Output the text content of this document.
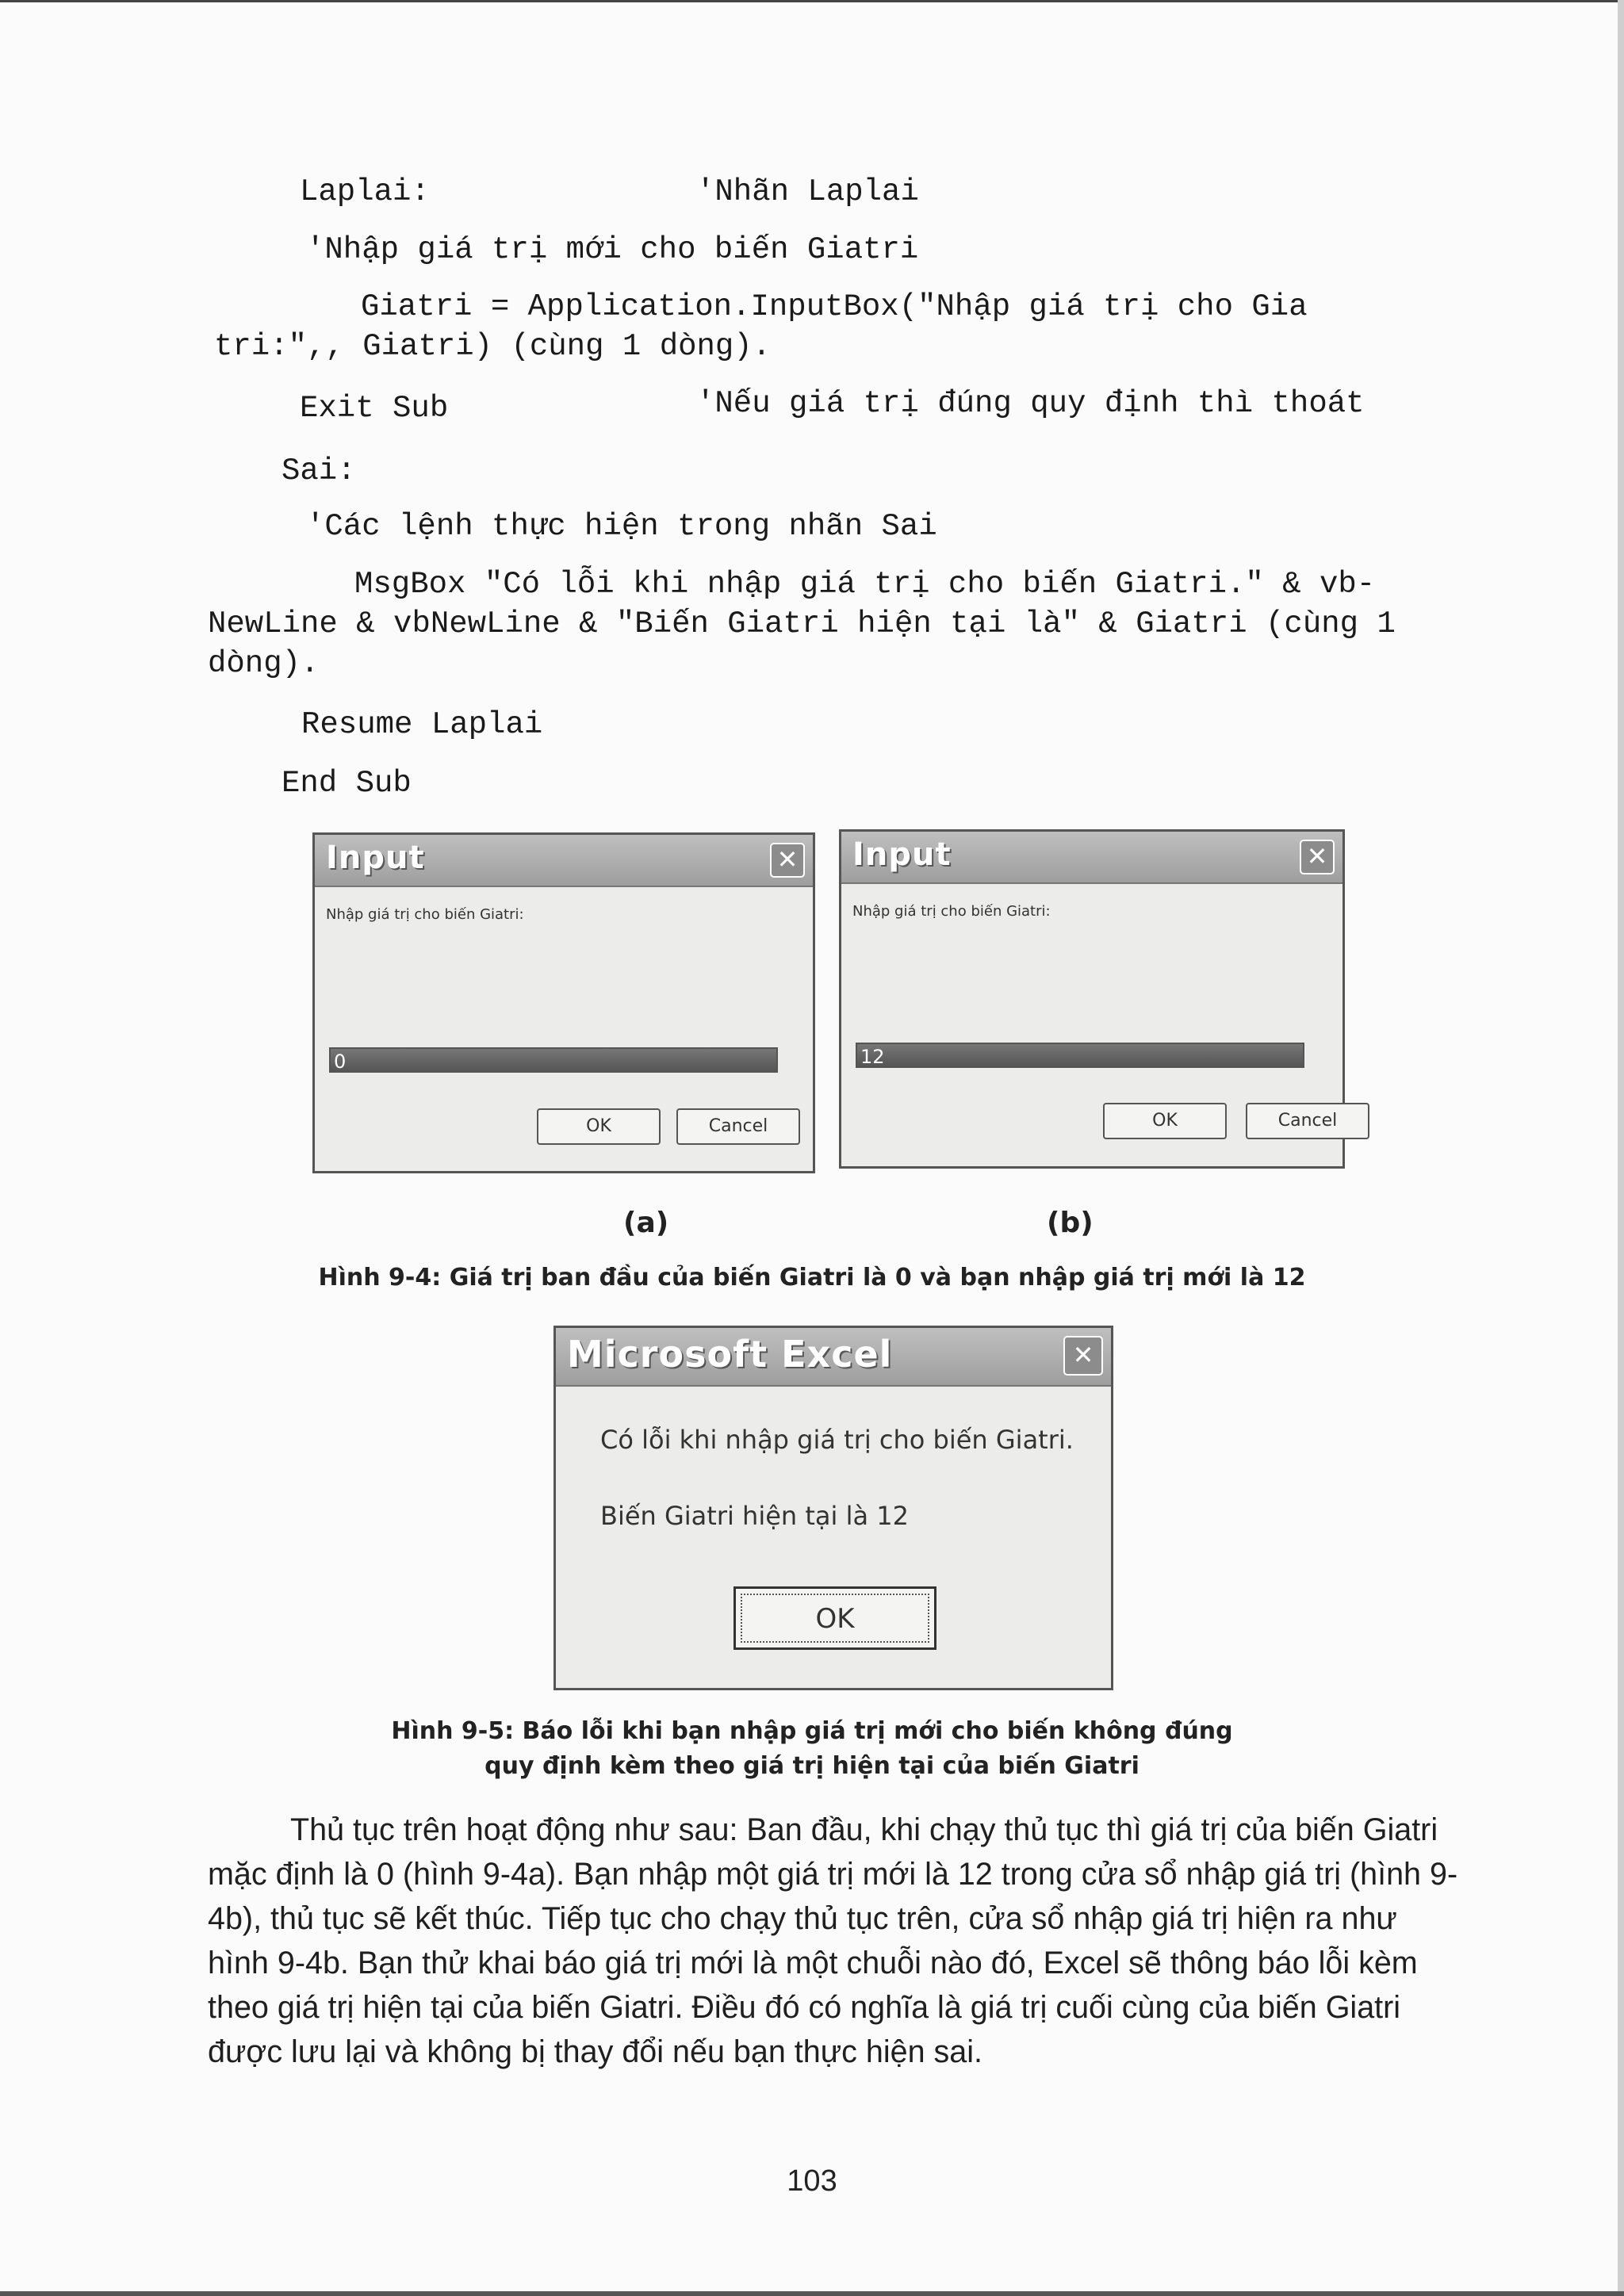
Laplai:	'Nhãn Laplai

'Nhập giá trị mới cho biến Giatri

Giatri = Application.InputBox("Nhập giá trị cho Gia tri:",, Giatri) (cùng 1 dòng).

Exit Sub	'Nếu giá trị đúng quy định thì thoát

Sai:

'Các lệnh thực hiện trong nhãn Sai

MsgBox "Có lỗi khi nhập giá trị cho biến Giatri." & vb-NewLine & vbNewLine & "Biến Giatri hiện tại là" & Giatri (cùng 1 dòng).

Resume Laplai

End Sub

Input	✕
Nhập giá trị cho biến Giatri:
0
OK	Cancel
Input	✕
Nhập giá trị cho biến Giatri:
12
OK	Cancel
(a)	(b)
Hình 9-4: Giá trị ban đầu của biến Giatri là 0 và bạn nhập giá trị mới là 12
Microsoft Excel	✕
Có lỗi khi nhập giá trị cho biến Giatri.
Biến Giatri hiện tại là 12
OK
Hình 9-5: Báo lỗi khi bạn nhập giá trị mới cho biến không đúng
quy định kèm theo giá trị hiện tại của biến Giatri

Thủ tục trên hoạt động như sau: Ban đầu, khi chạy thủ tục thì giá trị của biến Giatri mặc định là 0 (hình 9-4a). Bạn nhập một giá trị mới là 12 trong cửa sổ nhập giá trị (hình 9-4b), thủ tục sẽ kết thúc. Tiếp tục cho chạy thủ tục trên, cửa sổ nhập giá trị hiện ra như hình 9-4b. Bạn thử khai báo giá trị mới là một chuỗi nào đó, Excel sẽ thông báo lỗi kèm theo giá trị hiện tại của biến Giatri. Điều đó có nghĩa là giá trị cuối cùng của biến Giatri được lưu lại và không bị thay đổi nếu bạn thực hiện sai.

103
